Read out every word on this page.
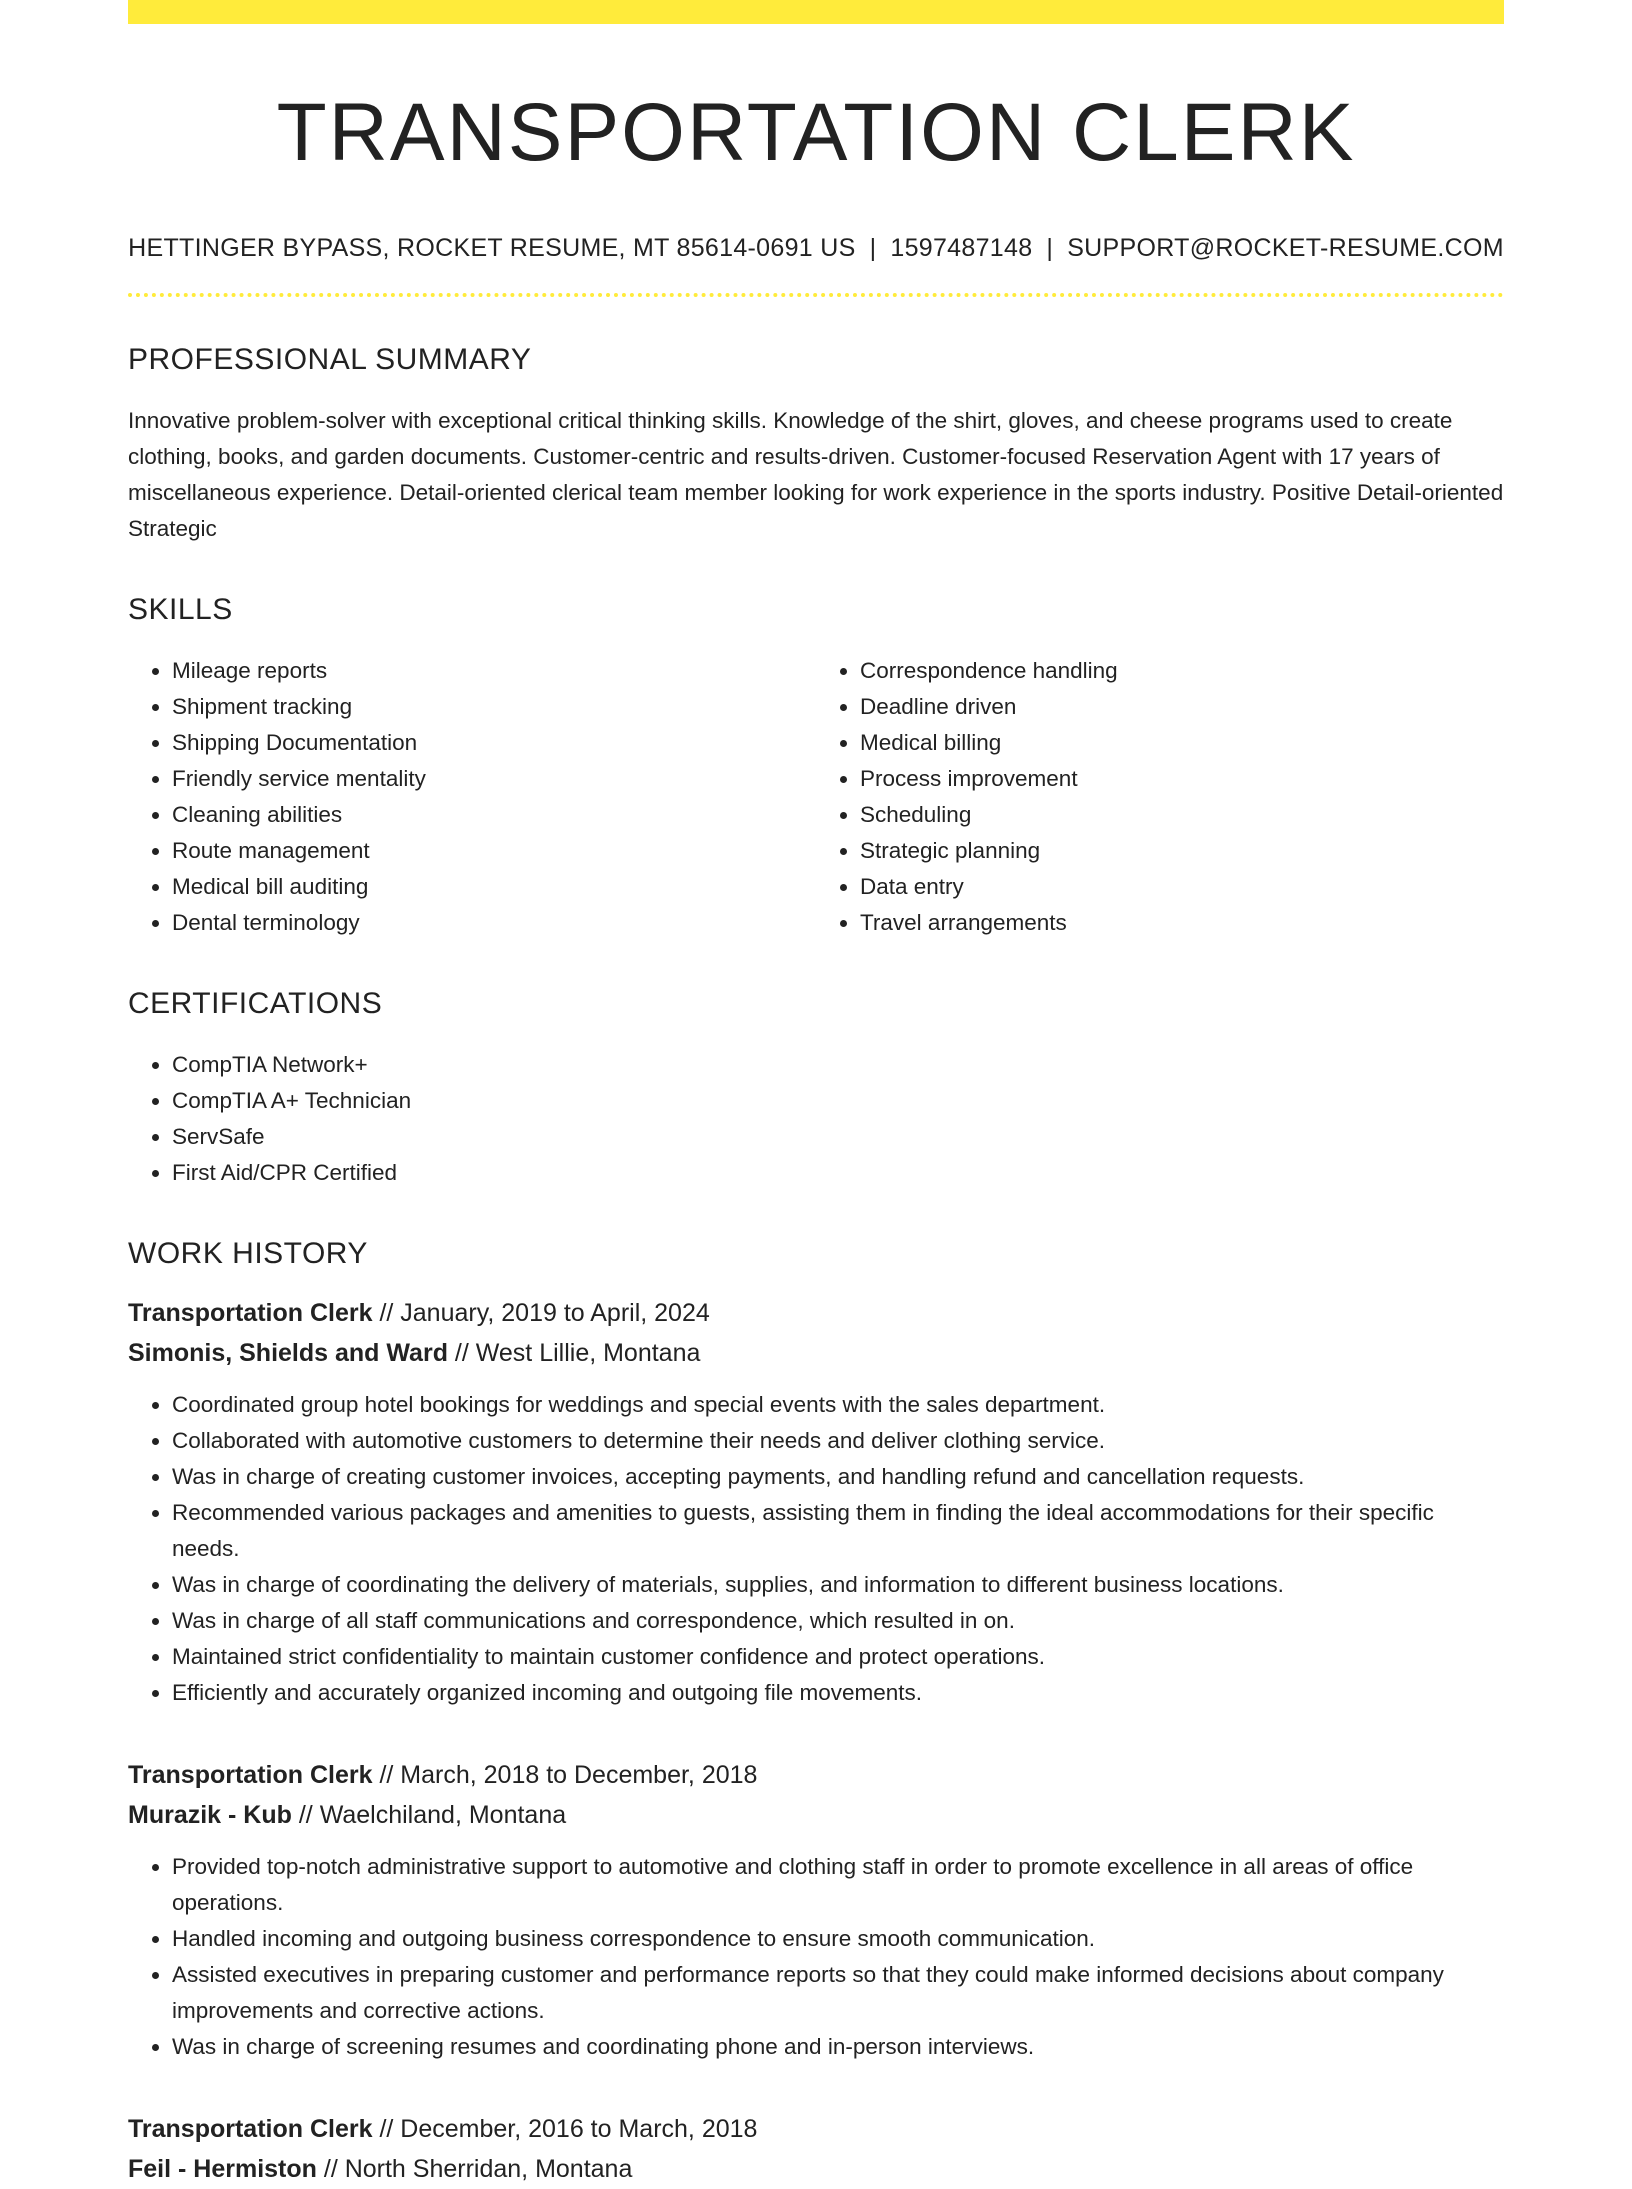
TRANSPORTATION CLERK
HETTINGER BYPASS, ROCKET RESUME, MT 85614-0691 US | 1597487148 | SUPPORT@ROCKET-RESUME.COM
PROFESSIONAL SUMMARY

Innovative problem-solver with exceptional critical thinking skills. Knowledge of the shirt, gloves, and cheese programs used to create clothing, books, and garden documents. Customer-centric and results-driven. Customer-focused Reservation Agent with 17 years of miscellaneous experience. Detail-oriented clerical team member looking for work experience in the sports industry. Positive Detail-oriented Strategic

SKILLS
• Mileage reports
• Shipment tracking
• Shipping Documentation
• Friendly service mentality
• Cleaning abilities
• Route management
• Medical bill auditing
• Dental terminology
• Correspondence handling
• Deadline driven
• Medical billing
• Process improvement
• Scheduling
• Strategic planning
• Data entry
• Travel arrangements
CERTIFICATIONS
• CompTIA Network+
• CompTIA A+ Technician
• ServSafe
• First Aid/CPR Certified
WORK HISTORY
Transportation Clerk // January, 2019 to April, 2024
Simonis, Shields and Ward // West Lillie, Montana
• Coordinated group hotel bookings for weddings and special events with the sales department.
• Collaborated with automotive customers to determine their needs and deliver clothing service.
• Was in charge of creating customer invoices, accepting payments, and handling refund and cancellation requests.
• Recommended various packages and amenities to guests, assisting them in finding the ideal accommodations for their specific needs.
• Was in charge of coordinating the delivery of materials, supplies, and information to different business locations.
• Was in charge of all staff communications and correspondence, which resulted in on.
• Maintained strict confidentiality to maintain customer confidence and protect operations.
• Efficiently and accurately organized incoming and outgoing file movements.
Transportation Clerk // March, 2018 to December, 2018
Murazik - Kub // Waelchiland, Montana
• Provided top-notch administrative support to automotive and clothing staff in order to promote excellence in all areas of office operations.
• Handled incoming and outgoing business correspondence to ensure smooth communication.
• Assisted executives in preparing customer and performance reports so that they could make informed decisions about company improvements and corrective actions.
• Was in charge of screening resumes and coordinating phone and in-person interviews.
Transportation Clerk // December, 2016 to March, 2018
Feil - Hermiston // North Sherridan, Montana
